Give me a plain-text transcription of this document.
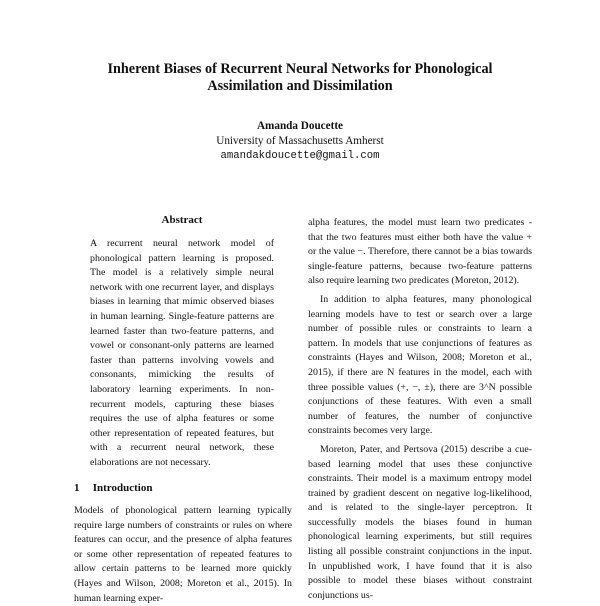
Inherent Biases of Recurrent Neural Networks for Phonological
Assimilation and Dissimilation
Amanda Doucette
University of Massachusetts Amherst
amandakdoucette@gmail.com
Abstract
A recurrent neural network model of phonological pattern learning is proposed. The model is a relatively simple neural network with one recurrent layer, and displays biases in learning that mimic observed biases in human learning. Single-feature patterns are learned faster than two-feature patterns, and vowel or consonant-only patterns are learned faster than patterns involving vowels and consonants, mimicking the results of laboratory learning experiments. In non-recurrent models, capturing these biases requires the use of alpha features or some other representation of repeated features, but with a recurrent neural network, these elaborations are not necessary.
1 Introduction
Models of phonological pattern learning typically require large numbers of constraints or rules on where features can occur, and the presence of alpha features or some other representation of repeated features to allow certain patterns to be learned more quickly (Hayes and Wilson, 2008; Moreton et al., 2015). In human learning exper-

alpha features, the model must learn two predicates - that the two features must either both have the value + or the value −. Therefore, there cannot be a bias towards single-feature patterns, because two-feature patterns also require learning two predicates (Moreton, 2012).

In addition to alpha features, many phonological learning models have to test or search over a large number of possible rules or constraints to learn a pattern. In models that use conjunctions of features as constraints (Hayes and Wilson, 2008; Moreton et al., 2015), if there are N features in the model, each with three possible values (+, −, ±), there are 3^N possible conjunctions of these features. With even a small number of features, the number of conjunctive constraints becomes very large.

Moreton, Pater, and Pertsova (2015) describe a cue-based learning model that uses these conjunctive constraints. Their model is a maximum entropy model trained by gradient descent on negative log-likelihood, and is related to the single-layer perceptron. It successfully models the biases found in human phonological learning experiments, but still requires listing all possible constraint conjunctions in the input. In unpublished work, I have found that it is also possible to model these biases without constraint conjunctions us-
